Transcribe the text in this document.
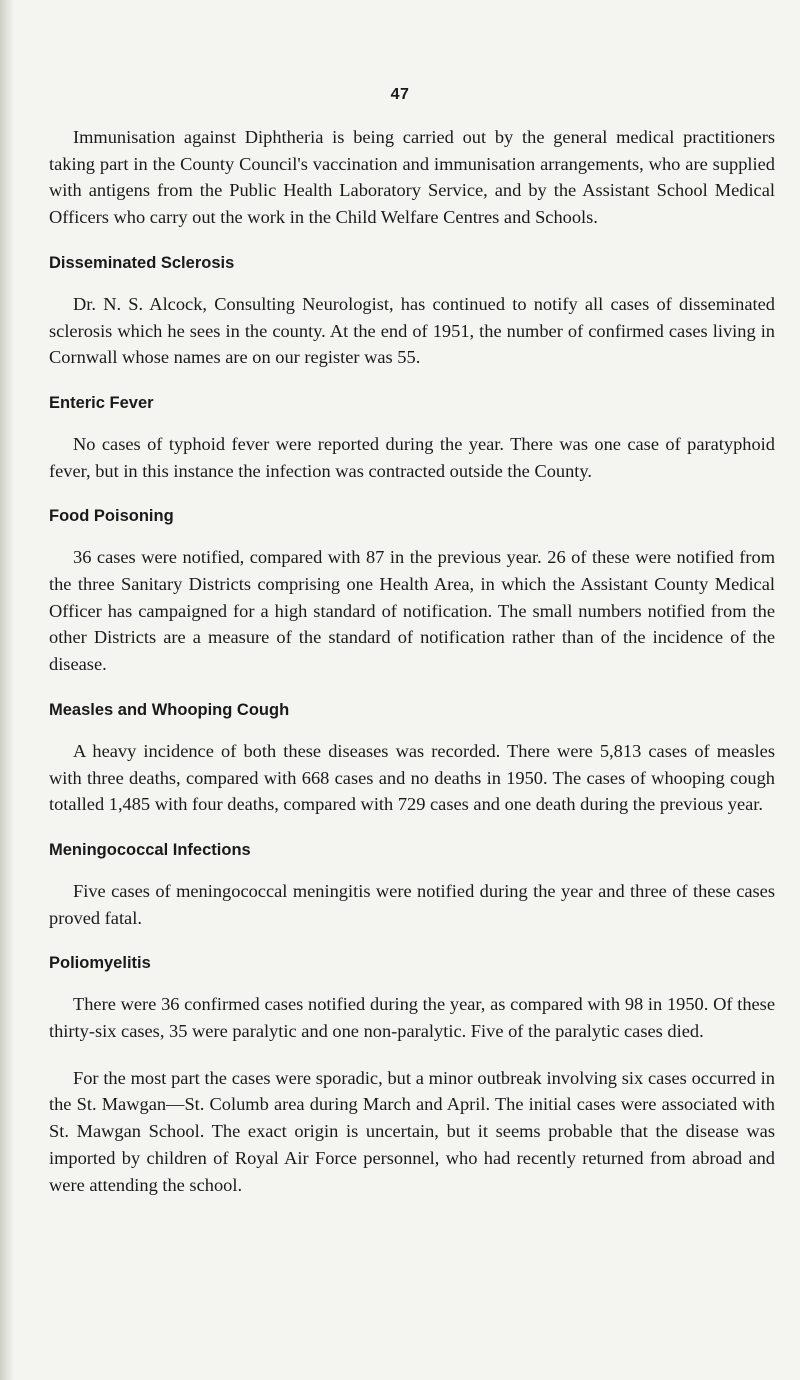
47

Immunisation against Diphtheria is being carried out by the general medical practitioners taking part in the County Council's vaccination and immunisation arrangements, who are supplied with antigens from the Public Health Laboratory Service, and by the Assistant School Medical Officers who carry out the work in the Child Welfare Centres and Schools.

Disseminated Sclerosis

Dr. N. S. Alcock, Consulting Neurologist, has continued to notify all cases of disseminated sclerosis which he sees in the county. At the end of 1951, the number of confirmed cases living in Cornwall whose names are on our register was 55.

Enteric Fever

No cases of typhoid fever were reported during the year. There was one case of paratyphoid fever, but in this instance the infection was contracted outside the County.

Food Poisoning

36 cases were notified, compared with 87 in the previous year. 26 of these were notified from the three Sanitary Districts comprising one Health Area, in which the Assistant County Medical Officer has campaigned for a high standard of notification. The small numbers notified from the other Districts are a measure of the standard of notification rather than of the incidence of the disease.

Measles and Whooping Cough

A heavy incidence of both these diseases was recorded. There were 5,813 cases of measles with three deaths, compared with 668 cases and no deaths in 1950. The cases of whooping cough totalled 1,485 with four deaths, compared with 729 cases and one death during the previous year.

Meningococcal Infections

Five cases of meningococcal meningitis were notified during the year and three of these cases proved fatal.

Poliomyelitis

There were 36 confirmed cases notified during the year, as compared with 98 in 1950. Of these thirty-six cases, 35 were paralytic and one non-paralytic. Five of the paralytic cases died.

For the most part the cases were sporadic, but a minor outbreak involving six cases occurred in the St. Mawgan—St. Columb area during March and April. The initial cases were associated with St. Mawgan School. The exact origin is uncertain, but it seems probable that the disease was imported by children of Royal Air Force personnel, who had recently returned from abroad and were attending the school.
